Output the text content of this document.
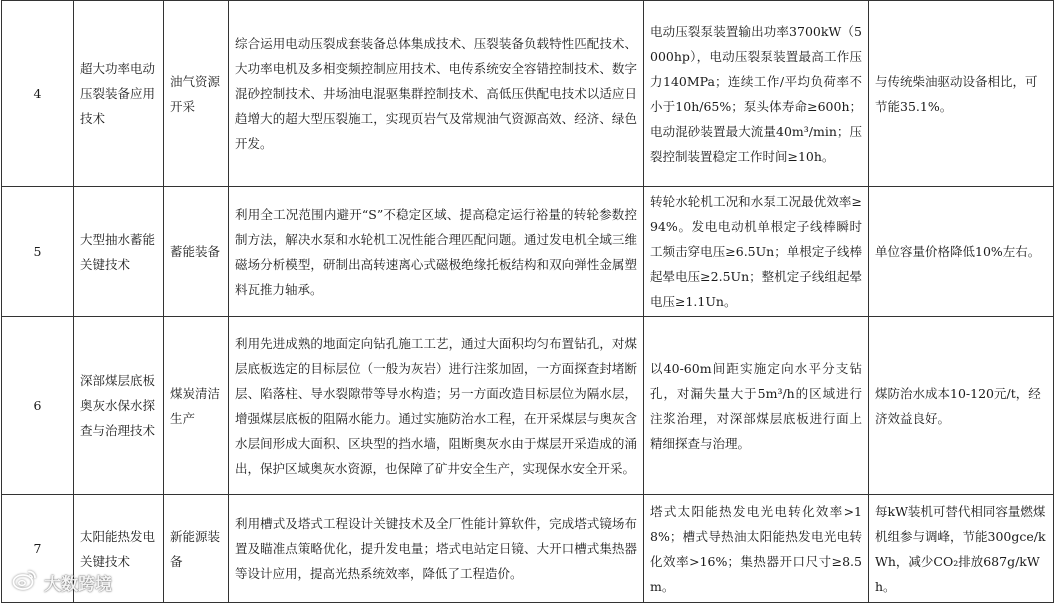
4	超大功率电动压裂装备应用技术	油气资源开采	综合运用电动压裂成套装备总体集成技术、压裂装备负载特性匹配技术、大功率电机及多相变频控制应用技术、电传系统安全容错控制技术、数字混砂控制技术、井场油电混驱集群控制技术、高低压供配电技术以适应日趋增大的超大型压裂施工，实现页岩气及常规油气资源高效、经济、绿色开发。	电动压裂泵装置输出功率3700kW（5000hp），电动压裂泵装置最高工作压力140MPa；连续工作/平均负荷率不小于10h/65%；泵头体寿命≥600h；电动混砂装置最大流量40m³/min；压裂控制装置稳定工作时间≥10h。	与传统柴油驱动设备相比，可节能35.1%。
5	大型抽水蓄能关键技术	蓄能装备	利用全工况范围内避开“S”不稳定区域、提高稳定运行裕量的转轮参数控制方法，解决水泵和水轮机工况性能合理匹配问题。通过发电机全域三维磁场分析模型，研制出高转速离心式磁极绝缘托板结构和双向弹性金属塑料瓦推力轴承。	转轮水轮机工况和水泵工况最优效率≥94%。发电电动机单根定子线棒瞬时工频击穿电压≥6.5Un；单根定子线棒起晕电压≥2.5Un；整机定子线组起晕电压≥1.1Un。	单位容量价格降低10%左右。
6	深部煤层底板奥灰水保水探查与治理技术	煤炭清洁生产	利用先进成熟的地面定向钻孔施工工艺，通过大面积均匀布置钻孔，对煤层底板选定的目标层位（一般为灰岩）进行注浆加固，一方面探查封堵断层、陷落柱、导水裂隙带等导水构造；另一方面改造目标层位为隔水层，增强煤层底板的阻隔水能力。通过实施防治水工程，在开采煤层与奥灰含水层间形成大面积、区块型的挡水墙，阻断奥灰水由于煤层开采造成的涌出，保护区域奥灰水资源，也保障了矿井安全生产，实现保水安全开采。	以40-60m间距实施定向水平分支钻孔，对漏失量大于5m³/h的区域进行注浆治理，对深部煤层底板进行面上精细探查与治理。	煤防治水成本10-120元/t，经济效益良好。
7	太阳能热发电关键技术	新能源装备	利用槽式及塔式工程设计关键技术及全厂性能计算软件，完成塔式镜场布置及瞄准点策略优化，提升发电量；塔式电站定日镜、大开口槽式集热器等设计应用，提高光热系统效率，降低了工程造价。	塔式太阳能热发电光电转化效率>18%；槽式导热油太阳能热发电光电转化效率>16%；集热器开口尺寸≥8.5m。	每kW装机可替代相同容量燃煤机组参与调峰，节能300gce/kWh，减少CO₂排放687g/kWh。
大数跨境
